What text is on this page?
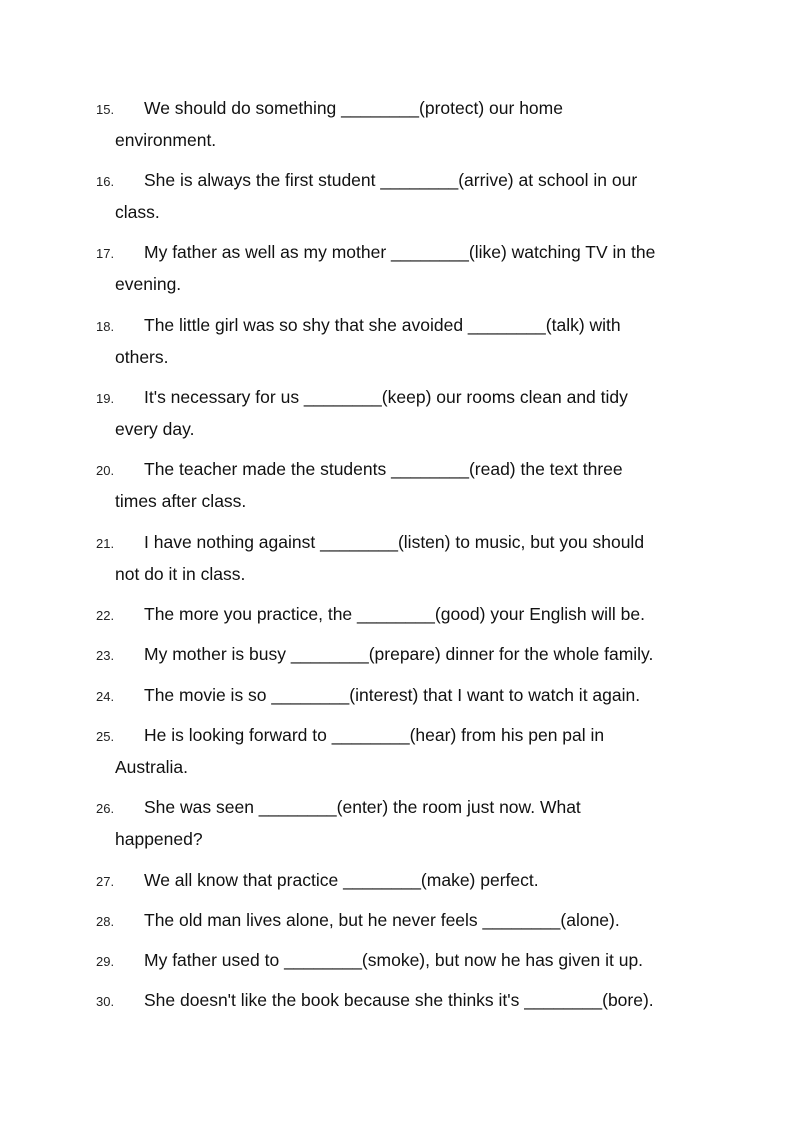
15.	We should do something ________(protect) our home
environment.
16.	She is always the first student ________(arrive) at school in our
class.
17.	My father as well as my mother ________(like) watching TV in the
evening.
18.	The little girl was so shy that she avoided ________(talk) with
others.
19.	It's necessary for us ________(keep) our rooms clean and tidy
every day.
20.	The teacher made the students ________(read) the text three
times after class.
21.	I have nothing against ________(listen) to music, but you should
not do it in class.
22.	The more you practice, the ________(good) your English will be.
23.	My mother is busy ________(prepare) dinner for the whole family.
24.	The movie is so ________(interest) that I want to watch it again.
25.	He is looking forward to ________(hear) from his pen pal in
Australia.
26.	She was seen ________(enter) the room just now. What
happened?
27.	We all know that practice ________(make) perfect.
28.	The old man lives alone, but he never feels ________(alone).
29.	My father used to ________(smoke), but now he has given it up.
30.	She doesn't like the book because she thinks it's ________(bore).
